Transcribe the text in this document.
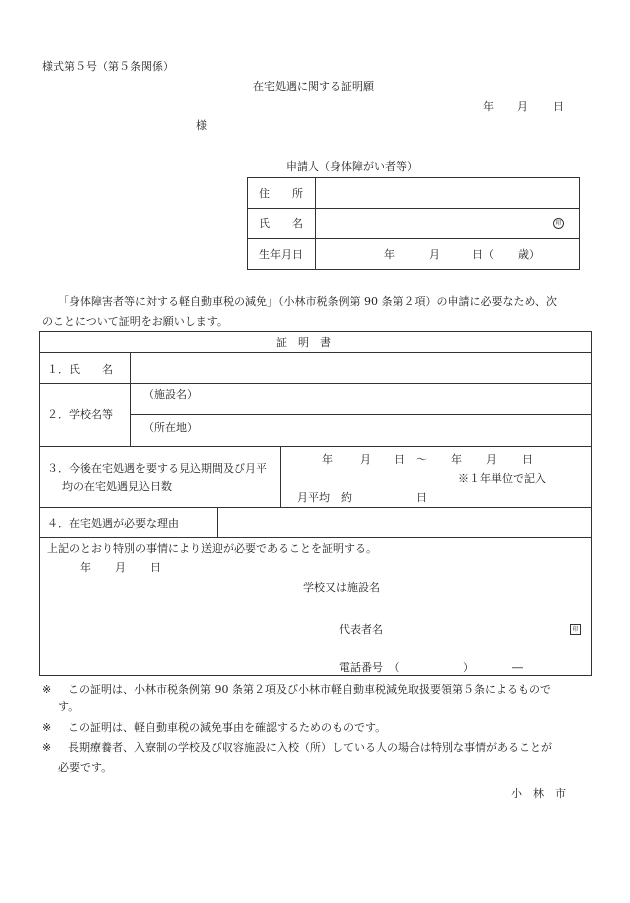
様式第５号（第５条関係）
在宅処遇に関する証明願
年 月 日
様
申請人（身体障がい者等）
住　　所
氏　　名	印
生年月日	年	月	日（ 歳）
「身体障害者等に対する軽自動車税の減免」（小林市税条例第 90 条第２項）の申請に必要なため、次
のことについて証明をお願いします。
証　明　書
１．氏　　名
２．学校名等
（施設名）
（所在地）
３．今後在宅処遇を要する見込期間及び月平
均の在宅処遇見込日数
年 月 日　〜 年 月 日
※１年単位で記入
月平均　約	日
４．在宅処遇が必要な理由
上記のとおり特別の事情により送迎が必要であることを証明する。
年 月 日
学校又は施設名
代表者名	印
電話番号　（	）	―
※ この証明は、小林市税条例第 90 条第２項及び小林市軽自動車税減免取扱要領第５条によるもので
す。
※ この証明は、軽自動車税の減免事由を確認するためのものです。
※ 長期療養者、入寮制の学校及び収容施設に入校（所）している人の場合は特別な事情があることが
必要です。
小　林　市
